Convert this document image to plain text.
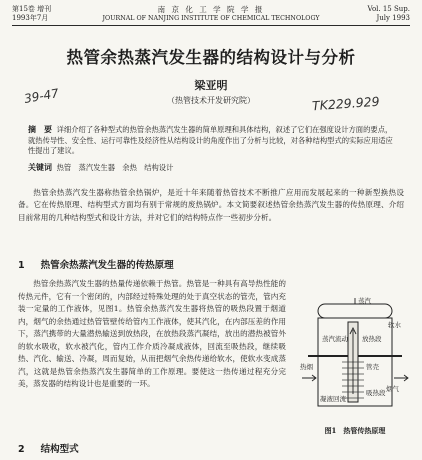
第15卷 增刊
1993年7月
南 京 化 工 学 院 学 报
JOURNAL OF NANJING INSTITUTE OF CHEMICAL TECHNOLOGY
Vol. 15 Sup.
July 1993
热管余热蒸汽发生器的结构设计与分析
梁亚明
（热管技术开发研究院）
39-47	TK229.929
摘　要 详细介绍了各种型式的热管余热蒸汽发生器的简单原理和具体结构，叙述了它们在强度设计方面的要点，就热传导性、安全性、运行可靠性及经济性从结构设计的角度作出了分析与比较，对各种结构型式的实际应用适应性提出了建议。
关键词 热管　蒸汽发生器　余热　结构设计
热管余热蒸汽发生器称热管余热锅炉，是近十年来随着热管技术不断推广应用而发展起来的一种新型换热设备。它在传热原理、结构型式方面均有别于常规的废热锅炉。本文简要叙述热管余热蒸汽发生器的传热原理、介绍目前常用的几种结构型式和设计方法，并对它们的结构特点作一些初步分析。
1 热管余热蒸汽发生器的传热原理

热管余热蒸汽发生器的热量传递依赖于热管。热管是一种具有高导热性能的传热元件，它有一个密闭的，内部经过特殊处理的处于真空状态的管壳，管内充装一定量的工作液体，见图1。热管余热蒸汽发生器将热管的吸热段置于烟道内，烟气的余热通过热管管壁传给管内工作液体，使其汽化，在内部压差的作用下，蒸汽携带的大量潜热输送到放热段，在放热段蒸汽凝结，放出的潜热被管外的软水吸收，软水被汽化，管内工作介质冷凝成液体，回流至吸热段，继续吸热、汽化、输送、冷凝，周而复始，从而把烟气余热传递给软水，使软水变成蒸汽，这就是热管余热蒸汽发生器简单的工作原理。要使这一热传递过程充分完美，蒸发器的结构设计也是重要的一环。

蒸汽
软水
放热段
蒸汽流动
热烟	管壳
吸热段
凝液回流
烟气
图1　热管传热原理
2 结构型式
